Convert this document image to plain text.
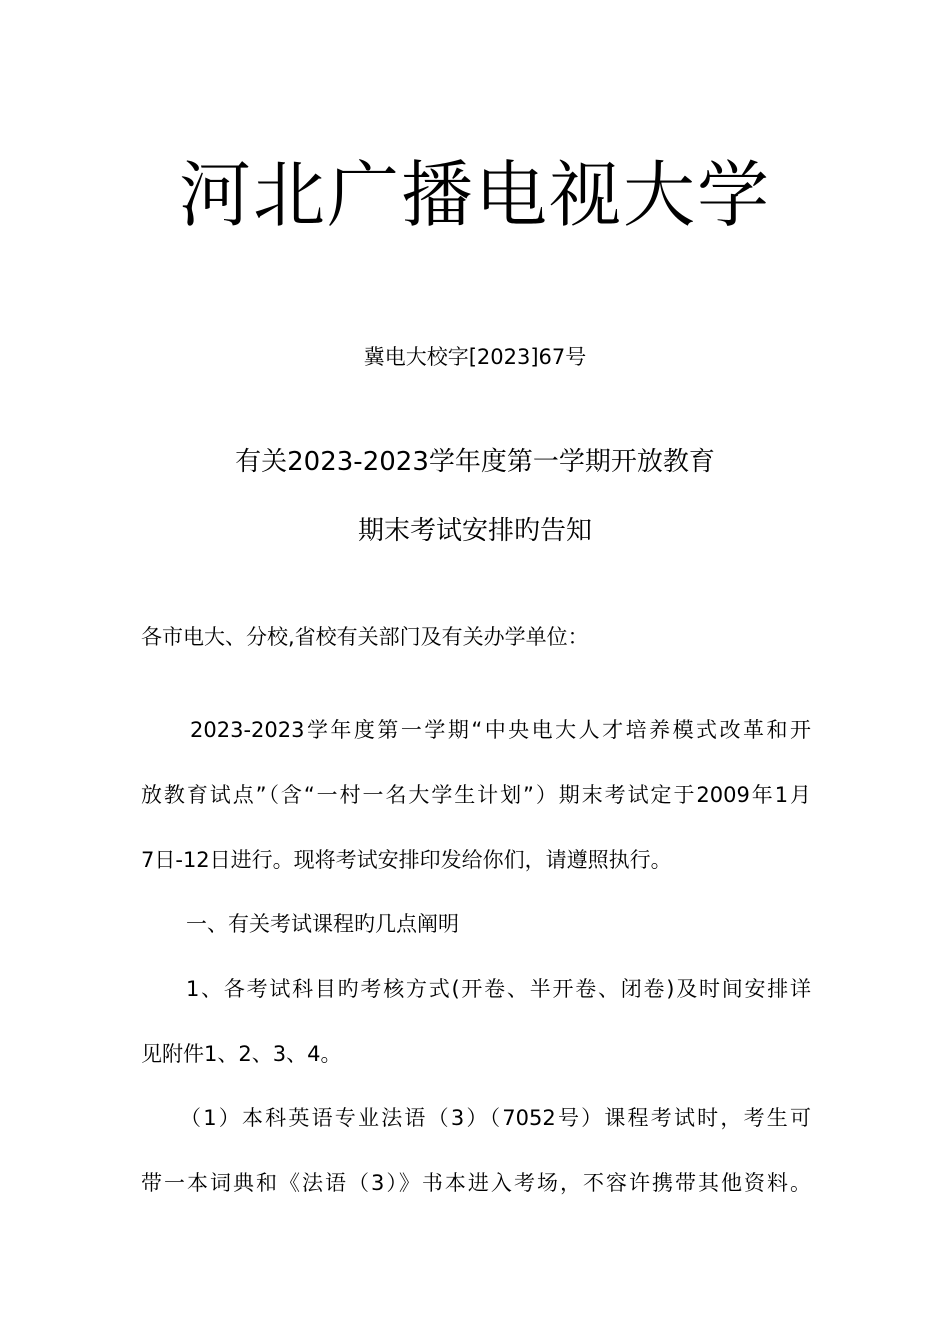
河北广播电视大学
冀电大校字[2023]67号
有关2023-2023学年度第一学期开放教育
期末考试安排旳告知
各市电大、分校,省校有关部门及有关办学单位：
2023-2023学年度第一学期“中央电大人才培养模式改革和开
放教育试点”（含“一村一名大学生计划”）期末考试定于2009年1月
7日-12日进行。现将考试安排印发给你们，请遵照执行。
一、有关考试课程旳几点阐明
1、各考试科目旳考核方式(开卷、半开卷、闭卷)及时间安排详
见附件1、2、3、4。
（1）本科英语专业法语（3）（7052号）课程考试时，考生可
带一本词典和《法语（3）》书本进入考场，不容许携带其他资料。
